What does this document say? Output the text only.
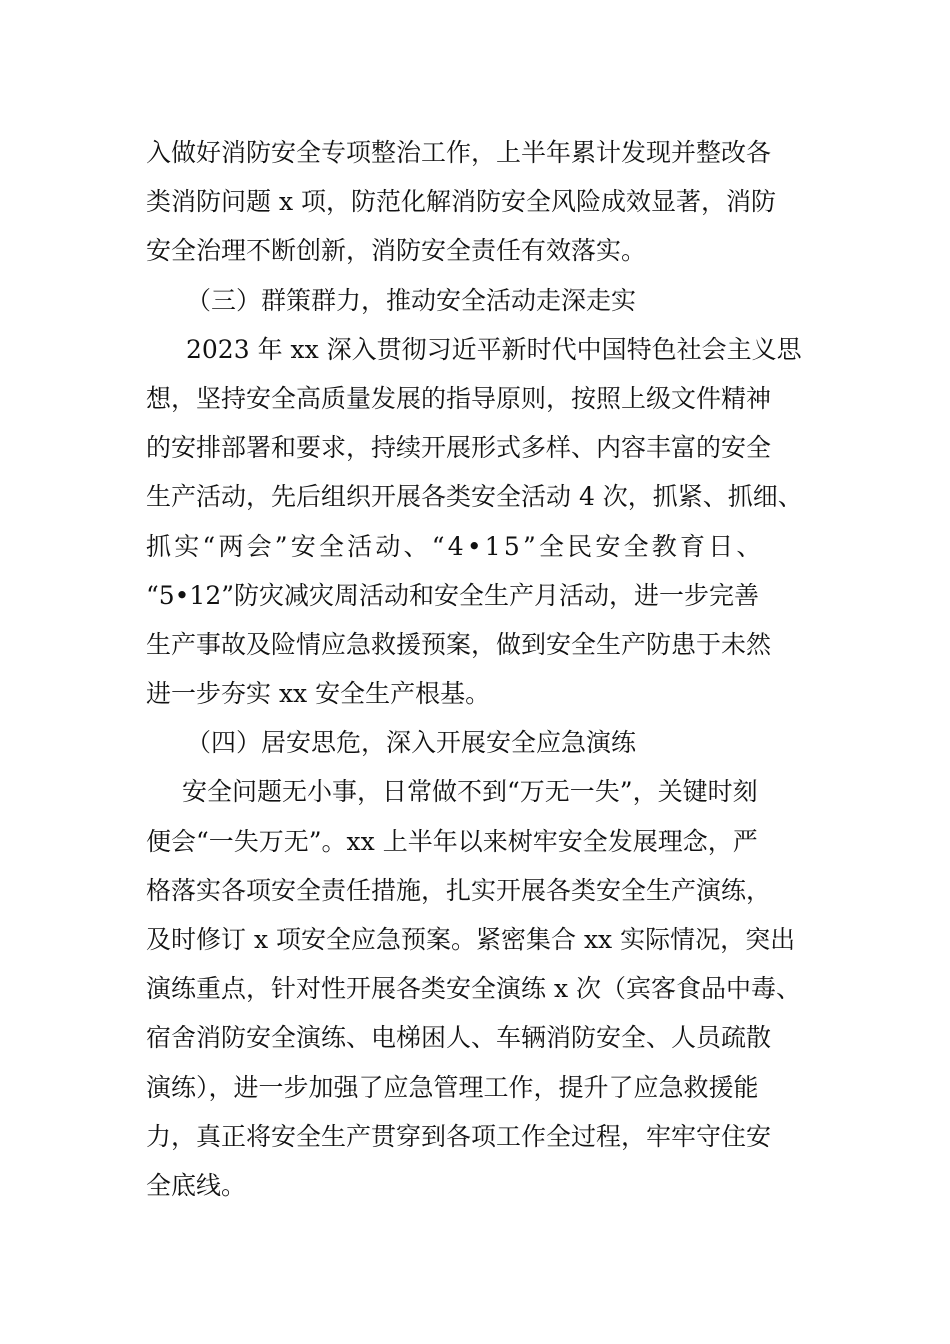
入做好消防安全专项整治工作，上半年累计发现并整改各
类消防问题 x 项，防范化解消防安全风险成效显著，消防
安全治理不断创新，消防安全责任有效落实。
（三）群策群力，推动安全活动走深走实
2023 年 xx 深入贯彻习近平新时代中国特色社会主义思
想，坚持安全高质量发展的指导原则，按照上级文件精神
的安排部署和要求，持续开展形式多样、内容丰富的安全
生产活动，先后组织开展各类安全活动 4 次，抓紧、抓细、
抓实“两会”安全活动、“4•15”全民安全教育日、
“5•12”防灾减灾周活动和安全生产月活动，进一步完善
生产事故及险情应急救援预案，做到安全生产防患于未然
进一步夯实 xx 安全生产根基。
（四）居安思危，深入开展安全应急演练
安全问题无小事，日常做不到“万无一失”，关键时刻
便会“一失万无”。xx 上半年以来树牢安全发展理念，严
格落实各项安全责任措施，扎实开展各类安全生产演练，
及时修订 x 项安全应急预案。紧密集合 xx 实际情况，突出
演练重点，针对性开展各类安全演练 x 次（宾客食品中毒、
宿舍消防安全演练、电梯困人、车辆消防安全、人员疏散
演练），进一步加强了应急管理工作，提升了应急救援能
力，真正将安全生产贯穿到各项工作全过程，牢牢守住安
全底线。
